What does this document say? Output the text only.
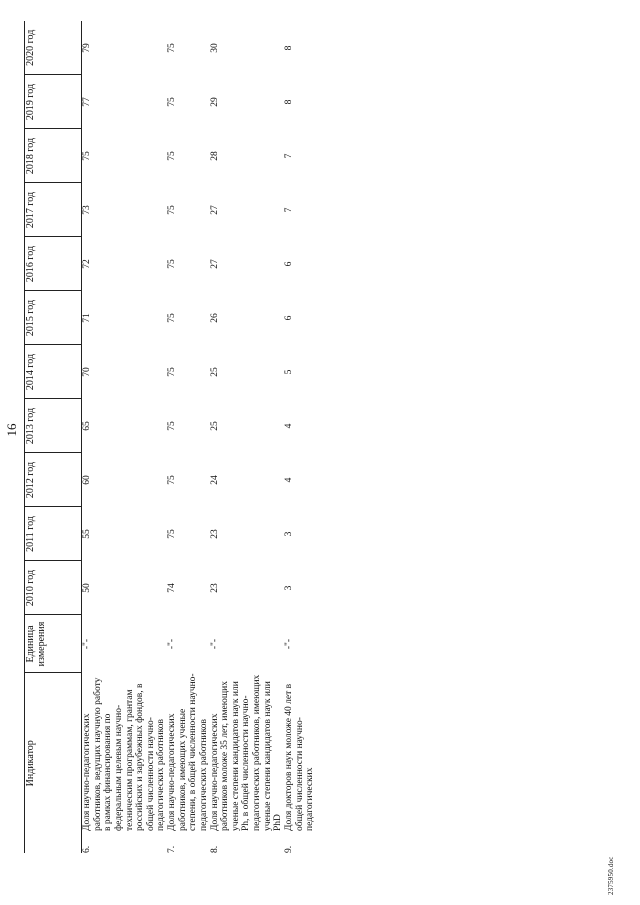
16
Индикатор		Единица измерения	2010 год	2011 год	2012 год	2013 год	2014 год	2015 год	2016 год	2017 год	2018 год	2019 год	2020 год
6.	Доля научно-педагогических работников, ведущих научную работу в рамках финансирования по федеральным целевым научно-техническим программам, грантам российских и зарубежных фондов, в общей численности научно-педагогических работников	-"-	50	55	60	65	70	71	72	73	75	77	79
7.	Доля научно-педагогических работников, имеющих ученые степени, в общей численности научно-педагогических работников	-"-	74	75	75	75	75	75	75	75	75	75	75
8.	Доля научно-педагогических работников моложе 35 лет, имеющих ученые степени кандидатов наук или Ph, в общей численности научно-педагогических работников, имеющих ученые степени кандидатов наук или PhD	-"-	23	23	24	25	25	26	27	27	28	29	30
9.	Доля докторов наук моложе 40 лет в общей численности научно-педагогических	-"-	3	3	4	4	5	6	6	7	7	8	8
2375950.doc
